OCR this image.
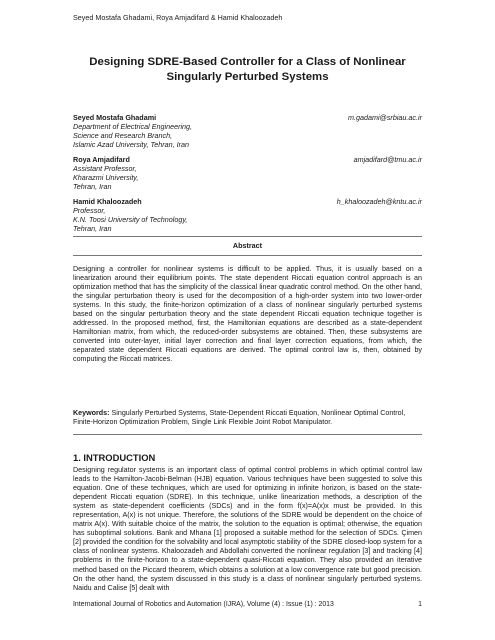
Seyed Mostafa Ghadami, Roya Amjadifard & Hamid Khaloozadeh
Designing SDRE-Based Controller for a Class of Nonlinear
Singularly Perturbed Systems
Seyed Mostafa Ghadami	m.gadami@srbiau.ac.ir
Department of Electrical Engineering,
Science and Research Branch,
Islamic Azad University, Tehran, Iran
Roya Amjadifard	amjadifard@tmu.ac.ir
Assistant Professor,
Kharazmi University,
Tehran, Iran
Hamid Khaloozadeh	h_khaloozadeh@kntu.ac.ir
Professor,
K.N. Toosi University of Technology,
Tehran, Iran
Abstract
Designing a controller for nonlinear systems is difficult to be applied. Thus, it is usually based on a linearization around their equilibrium points. The state dependent Riccati equation control approach is an optimization method that has the simplicity of the classical linear quadratic control method. On the other hand, the singular perturbation theory is used for the decomposition of a high-order system into two lower-order systems. In this study, the finite-horizon optimization of a class of nonlinear singularly perturbed systems based on the singular perturbation theory and the state dependent Riccati equation technique together is addressed. In the proposed method, first, the Hamiltonian equations are described as a state-dependent Hamiltonian matrix, from which, the reduced-order subsystems are obtained. Then, these subsystems are converted into outer-layer, initial layer correction and final layer correction equations, from which, the separated state dependent Riccati equations are derived. The optimal control law is, then, obtained by computing the Riccati matrices.
Keywords: Singularly Perturbed Systems, State-Dependent Riccati Equation, Nonlinear Optimal Control, Finite-Horizon Optimization Problem, Single Link Flexible Joint Robot Manipulator.
1. INTRODUCTION
Designing regulator systems is an important class of optimal control problems in which optimal control law leads to the Hamilton-Jacobi-Belman (HJB) equation. Various techniques have been suggested to solve this equation. One of these techniques, which are used for optimizing in infinite horizon, is based on the state-dependent Riccati equation (SDRE). In this technique, unlike linearization methods, a description of the system as state-dependent coefficients (SDCs) and in the form f(x)=A(x)x must be provided. In this representation, A(x) is not unique. Therefore, the solutions of the SDRE would be dependent on the choice of matrix A(x). With suitable choice of the matrix, the solution to the equation is optimal; otherwise, the equation has suboptimal solutions. Bank and Mhana [1] proposed a suitable method for the selection of SDCs. Çimen [2] provided the condition for the solvability and local asymptotic stability of the SDRE closed-loop system for a class of nonlinear systems. Khaloozadeh and Abdollahi converted the nonlinear regulation [3] and tracking [4] problems in the finite-horizon to a state-dependent quasi-Riccati equation. They also provided an iterative method based on the Piccard theorem, which obtains a solution at a low convergence rate but good precision. On the other hand, the system discussed in this study is a class of nonlinear singularly perturbed systems. Naidu and Calise [5] dealt with
International Journal of Robotics and Automation (IJRA), Volume (4) : Issue (1) : 2013	1
